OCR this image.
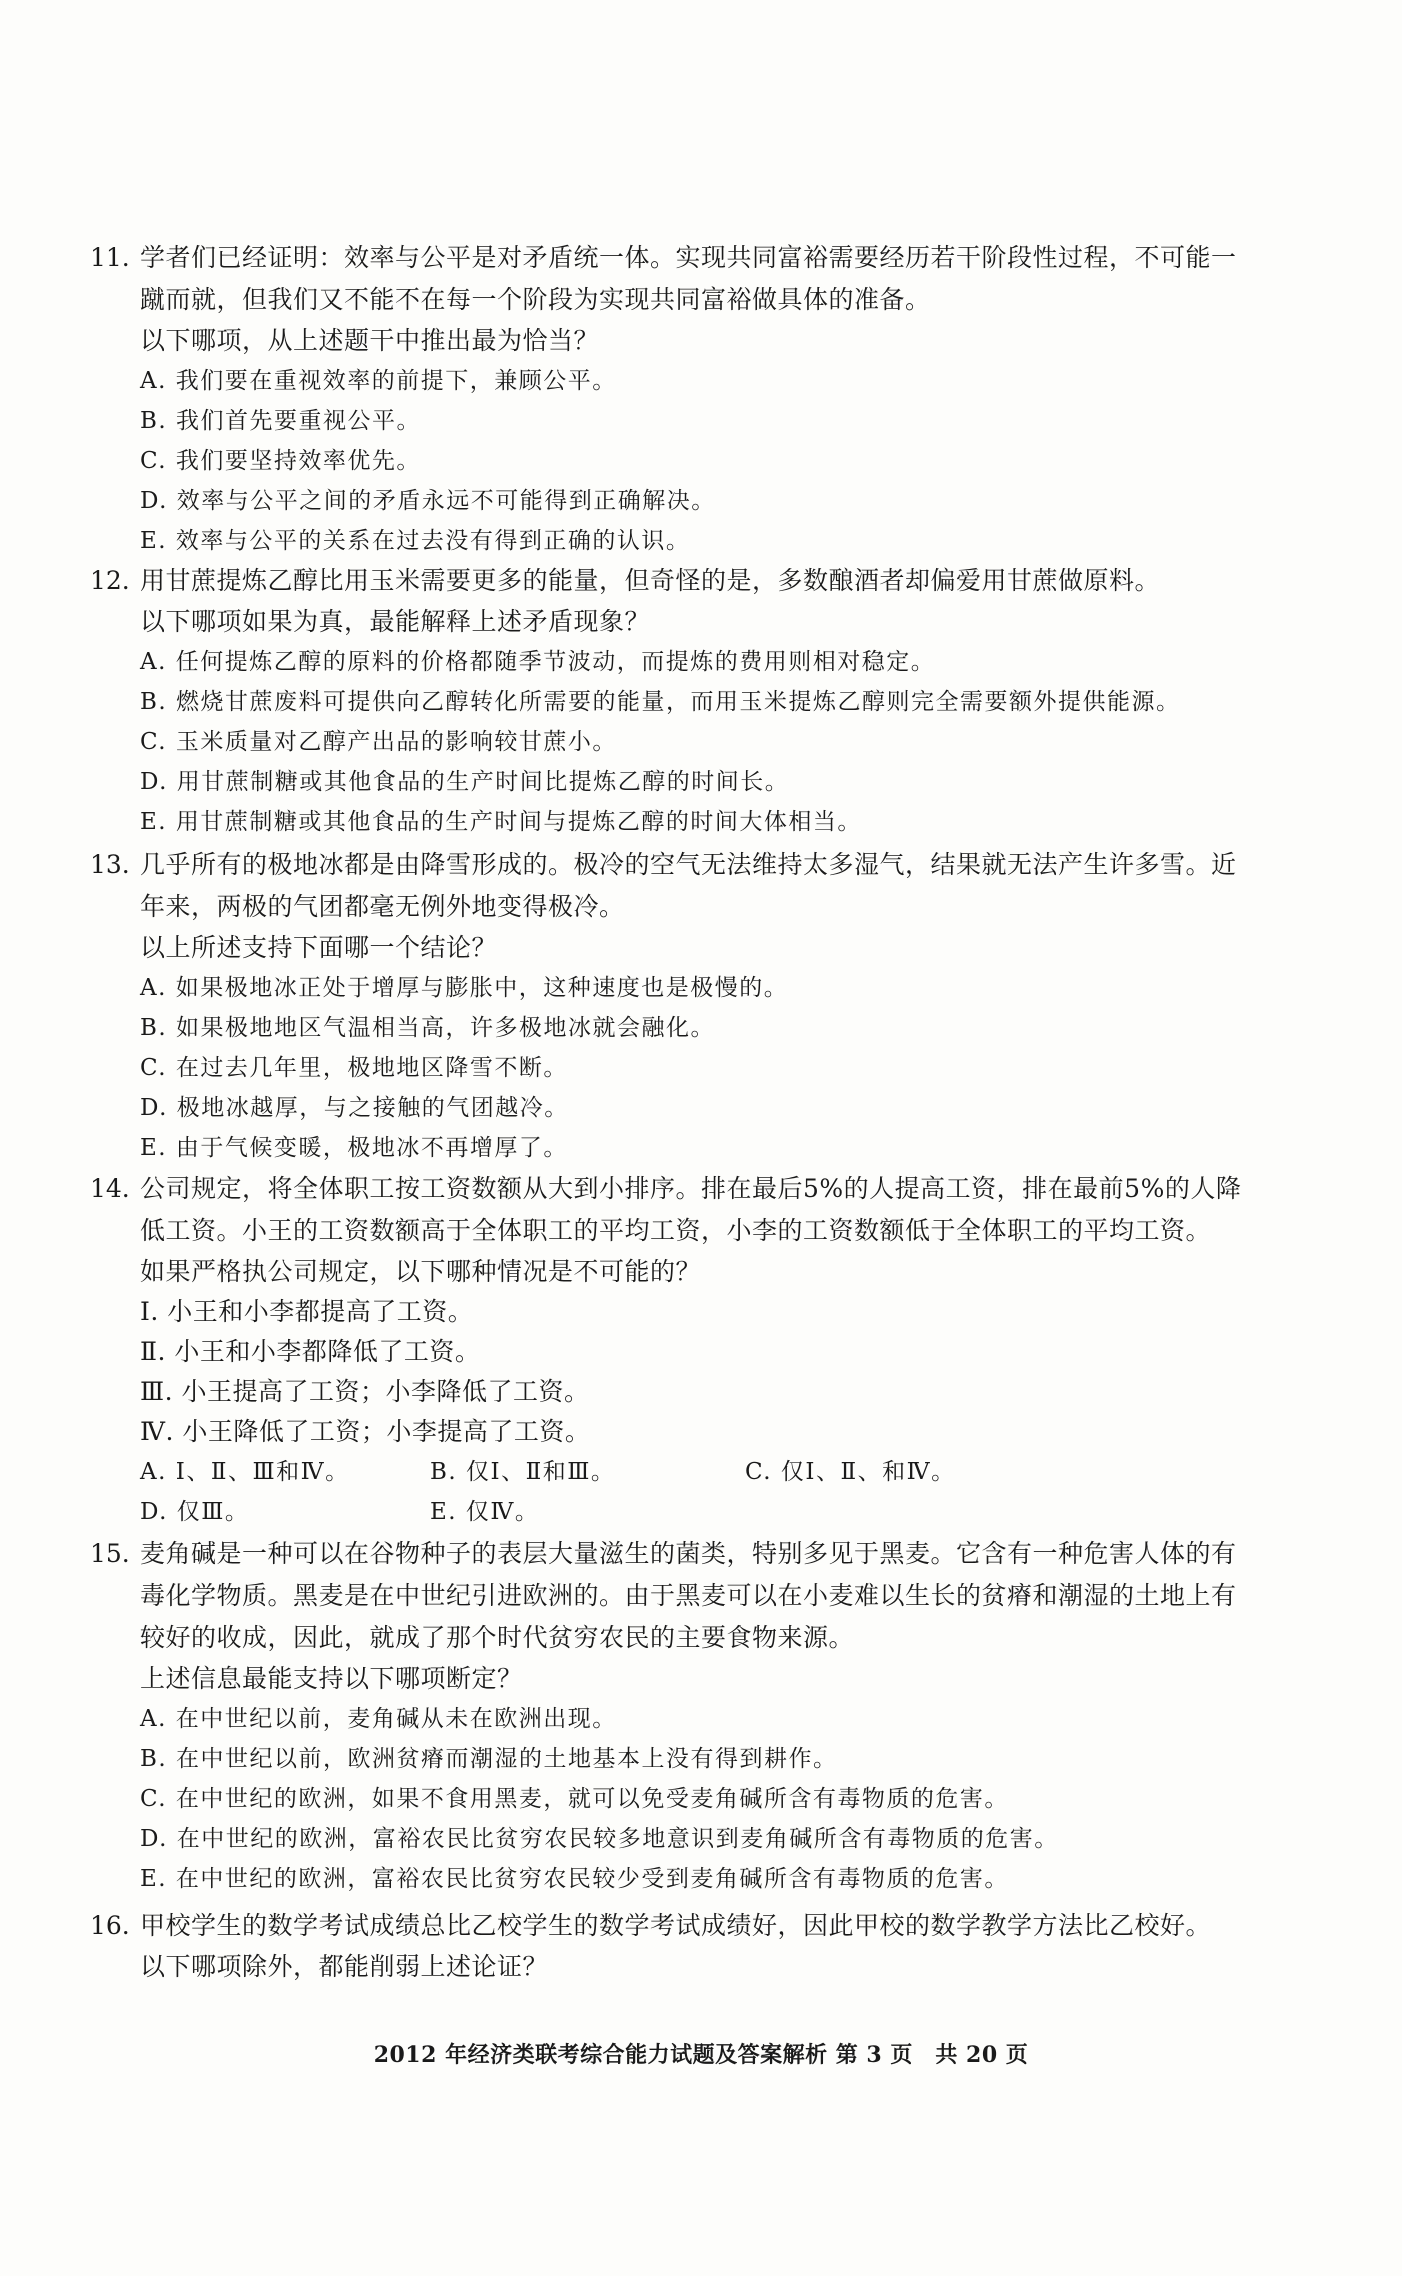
11. 学者们已经证明：效率与公平是对矛盾统一体。实现共同富裕需要经历若干阶段性过程，不可能一
蹴而就，但我们又不能不在每一个阶段为实现共同富裕做具体的准备。
以下哪项，从上述题干中推出最为恰当？
A. 我们要在重视效率的前提下，兼顾公平。
B. 我们首先要重视公平。
C. 我们要坚持效率优先。
D. 效率与公平之间的矛盾永远不可能得到正确解决。
E. 效率与公平的关系在过去没有得到正确的认识。
12. 用甘蔗提炼乙醇比用玉米需要更多的能量，但奇怪的是，多数酿酒者却偏爱用甘蔗做原料。
以下哪项如果为真，最能解释上述矛盾现象？
A. 任何提炼乙醇的原料的价格都随季节波动，而提炼的费用则相对稳定。
B. 燃烧甘蔗废料可提供向乙醇转化所需要的能量，而用玉米提炼乙醇则完全需要额外提供能源。
C. 玉米质量对乙醇产出品的影响较甘蔗小。
D. 用甘蔗制糖或其他食品的生产时间比提炼乙醇的时间长。
E. 用甘蔗制糖或其他食品的生产时间与提炼乙醇的时间大体相当。
13. 几乎所有的极地冰都是由降雪形成的。极冷的空气无法维持太多湿气，结果就无法产生许多雪。近
年来，两极的气团都毫无例外地变得极冷。
以上所述支持下面哪一个结论？
A. 如果极地冰正处于增厚与膨胀中，这种速度也是极慢的。
B. 如果极地地区气温相当高，许多极地冰就会融化。
C. 在过去几年里，极地地区降雪不断。
D. 极地冰越厚，与之接触的气团越冷。
E. 由于气候变暖，极地冰不再增厚了。
14. 公司规定，将全体职工按工资数额从大到小排序。排在最后5%的人提高工资，排在最前5%的人降
低工资。小王的工资数额高于全体职工的平均工资，小李的工资数额低于全体职工的平均工资。
如果严格执公司规定，以下哪种情况是不可能的？
Ⅰ. 小王和小李都提高了工资。
Ⅱ. 小王和小李都降低了工资。
Ⅲ. 小王提高了工资；小李降低了工资。
Ⅳ. 小王降低了工资；小李提高了工资。
A. Ⅰ、Ⅱ、Ⅲ和Ⅳ。	B. 仅Ⅰ、Ⅱ和Ⅲ。	C. 仅Ⅰ、Ⅱ、和Ⅳ。
D. 仅Ⅲ。	E. 仅Ⅳ。
15. 麦角碱是一种可以在谷物种子的表层大量滋生的菌类，特别多见于黑麦。它含有一种危害人体的有
毒化学物质。黑麦是在中世纪引进欧洲的。由于黑麦可以在小麦难以生长的贫瘠和潮湿的土地上有
较好的收成，因此，就成了那个时代贫穷农民的主要食物来源。
上述信息最能支持以下哪项断定？
A. 在中世纪以前，麦角碱从未在欧洲出现。
B. 在中世纪以前，欧洲贫瘠而潮湿的土地基本上没有得到耕作。
C. 在中世纪的欧洲，如果不食用黑麦，就可以免受麦角碱所含有毒物质的危害。
D. 在中世纪的欧洲，富裕农民比贫穷农民较多地意识到麦角碱所含有毒物质的危害。
E. 在中世纪的欧洲，富裕农民比贫穷农民较少受到麦角碱所含有毒物质的危害。
16. 甲校学生的数学考试成绩总比乙校学生的数学考试成绩好，因此甲校的数学教学方法比乙校好。
以下哪项除外，都能削弱上述论证？
2012 年经济类联考综合能力试题及答案解析 第 3 页　共 20 页
